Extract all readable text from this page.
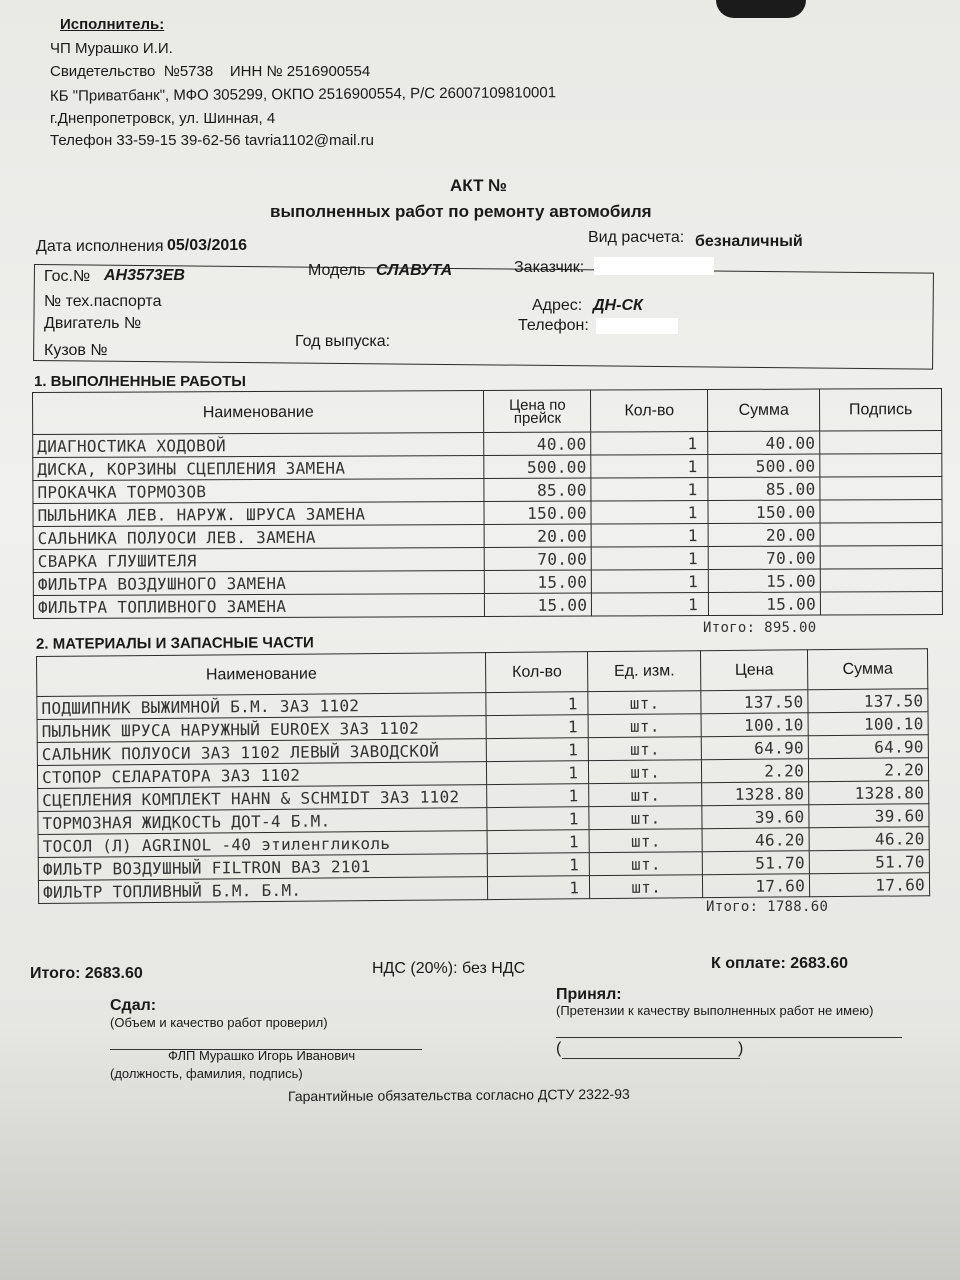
Исполнитель:
ЧП Мурашко И.И.
Свидетельство  №5738    ИНН № 2516900554
КБ "Приватбанк", МФО 305299, ОКПО 2516900554, Р/С 26007109810001
г.Днепропетровск, ул. Шинная, 4
Телефон 33-59-15 39-62-56 tavria1102@mail.ru
АКТ №
выполненных работ по ремонту автомобиля
Дата исполнения 05/03/2016	Вид расчета: безналичный
Гос.№ АН3573ЕВ	Модель СЛАВУТА	Заказчик:
№ тех.паспорта	Адрес: ДН-СК
Двигатель №	Телефон:
Кузов №
Год выпуска:
1. ВЫПОЛНЕННЫЕ РАБОТЫ
Наименование	Цена по прейск	Кол-во	Сумма	Подпись
ДИАГНОСТИКА ХОДОВОЙ	40.00	1	40.00	
ДИСКА, КОРЗИНЫ СЦЕПЛЕНИЯ ЗАМЕНА	500.00	1	500.00	
ПРОКАЧКА ТОРМОЗОВ	85.00	1	85.00	
ПЫЛЬНИКА ЛЕВ. НАРУЖ. ШРУСА ЗАМЕНА	150.00	1	150.00	
САЛЬНИКА ПОЛУОСИ ЛЕВ. ЗАМЕНА	20.00	1	20.00	
СВАРКА ГЛУШИТЕЛЯ	70.00	1	70.00	
ФИЛЬТРА ВОЗДУШНОГО ЗАМЕНА	15.00	1	15.00	
ФИЛЬТРА ТОПЛИВНОГО ЗАМЕНА	15.00	1	15.00	
Итого: 895.00
2. МАТЕРИАЛЫ И ЗАПАСНЫЕ ЧАСТИ
Наименование	Кол-во	Ед. изм.	Цена	Сумма
ПОДШИПНИК ВЫЖИМНОЙ Б.М. ЗАЗ 1102	1	шт.	137.50	137.50
ПЫЛЬНИК ШРУСА НАРУЖНЫЙ EUROEX ЗАЗ 1102	1	шт.	100.10	100.10
САЛЬНИК ПОЛУОСИ ЗАЗ 1102 ЛЕВЫЙ ЗАВОДСКОЙ	1	шт.	64.90	64.90
СТОПОР СЕЛАРАТОРА ЗАЗ 1102	1	шт.	2.20	2.20
СЦЕПЛЕНИЯ КОМПЛЕКТ HAHN & SCHMIDT ЗАЗ 1102	1	шт.	1328.80	1328.80
ТОРМОЗНАЯ ЖИДКОСТЬ ДОТ-4 Б.М.	1	шт.	39.60	39.60
ТОСОЛ (Л) AGRINOL -40 этиленгликоль	1	шт.	46.20	46.20
ФИЛЬТР ВОЗДУШНЫЙ FILTRON ВАЗ 2101	1	шт.	51.70	51.70
ФИЛЬТР ТОПЛИВНЫЙ Б.М. Б.М.	1	шт.	17.60	17.60
Итого: 1788.60
Итого: 2683.60	НДС (20%): без НДС	К оплате: 2683.60
Сдал:
(Объем и качество работ проверил)
ФЛП Мурашко Игорь Иванович
(должность, фамилия, подпись)
Принял:
(Претензии к качеству выполненных работ не имею)
(	)
Гарантийные обязательства согласно ДСТУ 2322-93
